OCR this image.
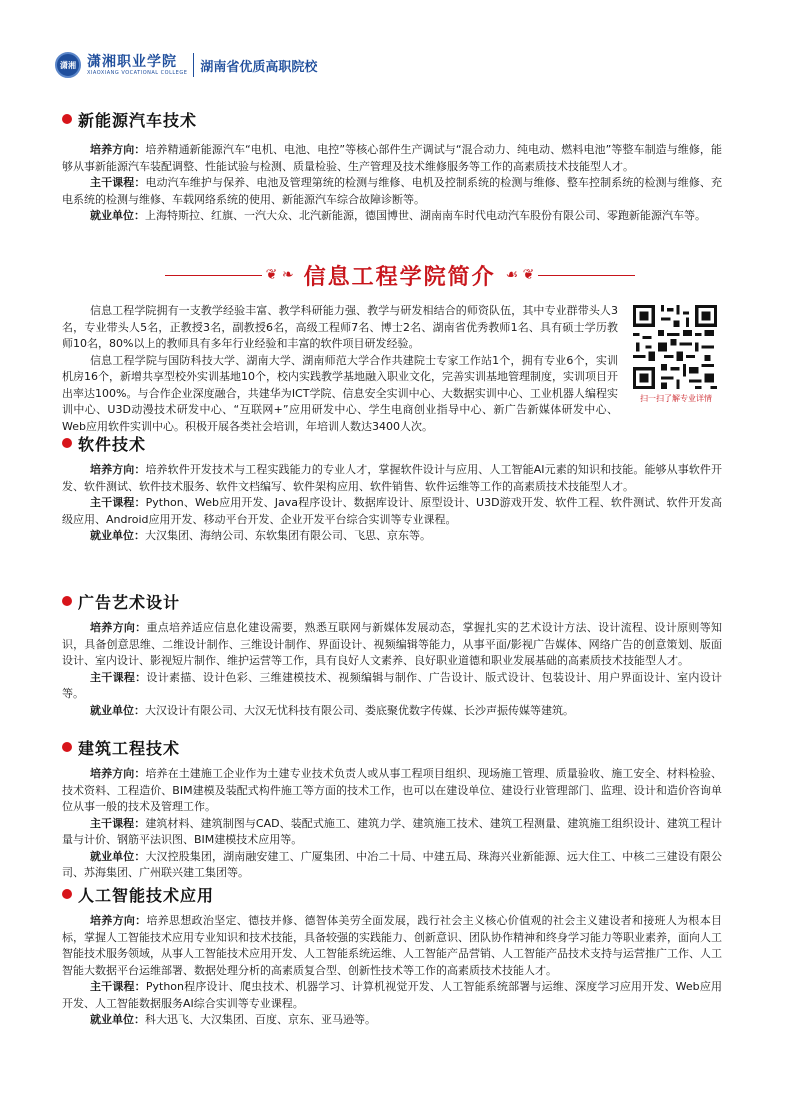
潇湘 潇湘职业学院
XIAOXIANG VOCATIONAL COLLEGE 湖南省优质高职院校
新能源汽车技术

培养方向：培养精通新能源汽车“电机、电池、电控”等核心部件生产调试与“混合动力、纯电动、燃料电池”等整车制造与维修，能够从事新能源汽车装配调整、性能试验与检测、质量检验、生产管理及技术维修服务等工作的高素质技术技能型人才。

主干课程：电动汽车维护与保养、电池及管理第统的检测与维修、电机及控制系统的检测与维修、整车控制系统的检测与维修、充电系统的检测与维修、车载网络系统的使用、新能源汽车综合故障诊断等。

就业单位：上海特斯拉、红旗、一汽大众、北汽新能源，德国博世、湖南南车时代电动汽车股份有限公司、零跑新能源汽车等。

❦ ❧ 信息工程学院简介 ☙ ❦

信息工程学院拥有一支教学经验丰富、教学科研能力强、教学与研发相结合的师资队伍，其中专业群带头人3名，专业带头人5名，正教授3名，副教授6名，高级工程师7名、博士2名、湖南省优秀教师1名、具有硕士学历教师10名，80%以上的教师具有多年行业经验和丰富的软件项目研发经验。

信息工程学院与国防科技大学、湖南大学、湖南师范大学合作共建院士专家工作站1个，拥有专业6个，实训机房16个，新增共享型校外实训基地10个，校内实践教学基地融入职业文化，完善实训基地管理制度，实训项目开出率达100%。与合作企业深度融合，共建华为ICT学院、信息安全实训中心、大数据实训中心、工业机器人编程实训中心、U3D动漫技术研发中心、“互联网+”应用研发中心、学生电商创业指导中心、新广告新媒体研发中心、Web应用软件实训中心。积极开展各类社会培训，年培训人数达3400人次。

扫一扫了解专业详情
软件技术

培养方向：培养软件开发技术与工程实践能力的专业人才，掌握软件设计与应用、人工智能AI元素的知识和技能。能够从事软件开发、软件测试、软件技术服务、软件文档编写、软件架构应用、软件销售、软件运维等工作的高素质技术技能型人才。

主干课程：Python、Web应用开发、Java程序设计、数据库设计、原型设计、U3D游戏开发、软件工程、软件测试、软件开发高级应用、Android应用开发、移动平台开发、企业开发平台综合实训等专业课程。

就业单位：大汉集团、海纳公司、东软集团有限公司、飞思、京东等。

广告艺术设计

培养方向：重点培养适应信息化建设需要，熟悉互联网与新媒体发展动态，掌握扎实的艺术设计方法、设计流程、设计原则等知识，具备创意思维、二维设计制作、三维设计制作、界面设计、视频编辑等能力，从事平面/影视广告媒体、网络广告的创意策划、版面设计、室内设计、影视短片制作、维护运营等工作，具有良好人文素养、良好职业道德和职业发展基础的高素质技术技能型人才。

主干课程：设计素描、设计色彩、三维建模技术、视频编辑与制作、广告设计、版式设计、包装设计、用户界面设计、室内设计等。

就业单位：大汉设计有限公司、大汉无忧科技有限公司、娄底聚优数字传媒、长沙声振传媒等建筑。

建筑工程技术

培养方向：培养在土建施工企业作为土建专业技术负责人或从事工程项目组织、现场施工管理、质量验收、施工安全、材料检验、技术资料、工程造价、BIM建模及装配式构件施工等方面的技术工作，也可以在建设单位、建设行业管理部门、监理、设计和造价咨询单位从事一般的技术及管理工作。

主干课程：建筑材料、建筑制图与CAD、装配式施工、建筑力学、建筑施工技术、建筑工程测量、建筑施工组织设计、建筑工程计量与计价、钢筋平法识图、BIM建模技术应用等。

就业单位：大汉控股集团，湖南融安建工、广厦集团、中冶二十局、中建五局、珠海兴业新能源、远大住工、中核二三建设有限公司、苏海集团、广州联兴建工集团等。

人工智能技术应用

培养方向：培养思想政治坚定、德技并修、德智体美劳全面发展，践行社会主义核心价值观的社会主义建设者和接班人为根本目标，掌握人工智能技术应用专业知识和技术技能，具备较强的实践能力、创新意识、团队协作精神和终身学习能力等职业素养，面向人工智能技术服务领域，从事人工智能技术应用开发、人工智能系统运维、人工智能产品营销、人工智能产品技术支持与运营推广工作、人工智能大数据平台运维部署、数据处理分析的高素质复合型、创新性技术等工作的高素质技术技能人才。

主干课程：Python程序设计、爬虫技术、机器学习、计算机视觉开发、人工智能系统部署与运维、深度学习应用开发、Web应用开发、人工智能数据服务AI综合实训等专业课程。

就业单位：科大迅飞、大汉集团、百度、京东、亚马逊等。
